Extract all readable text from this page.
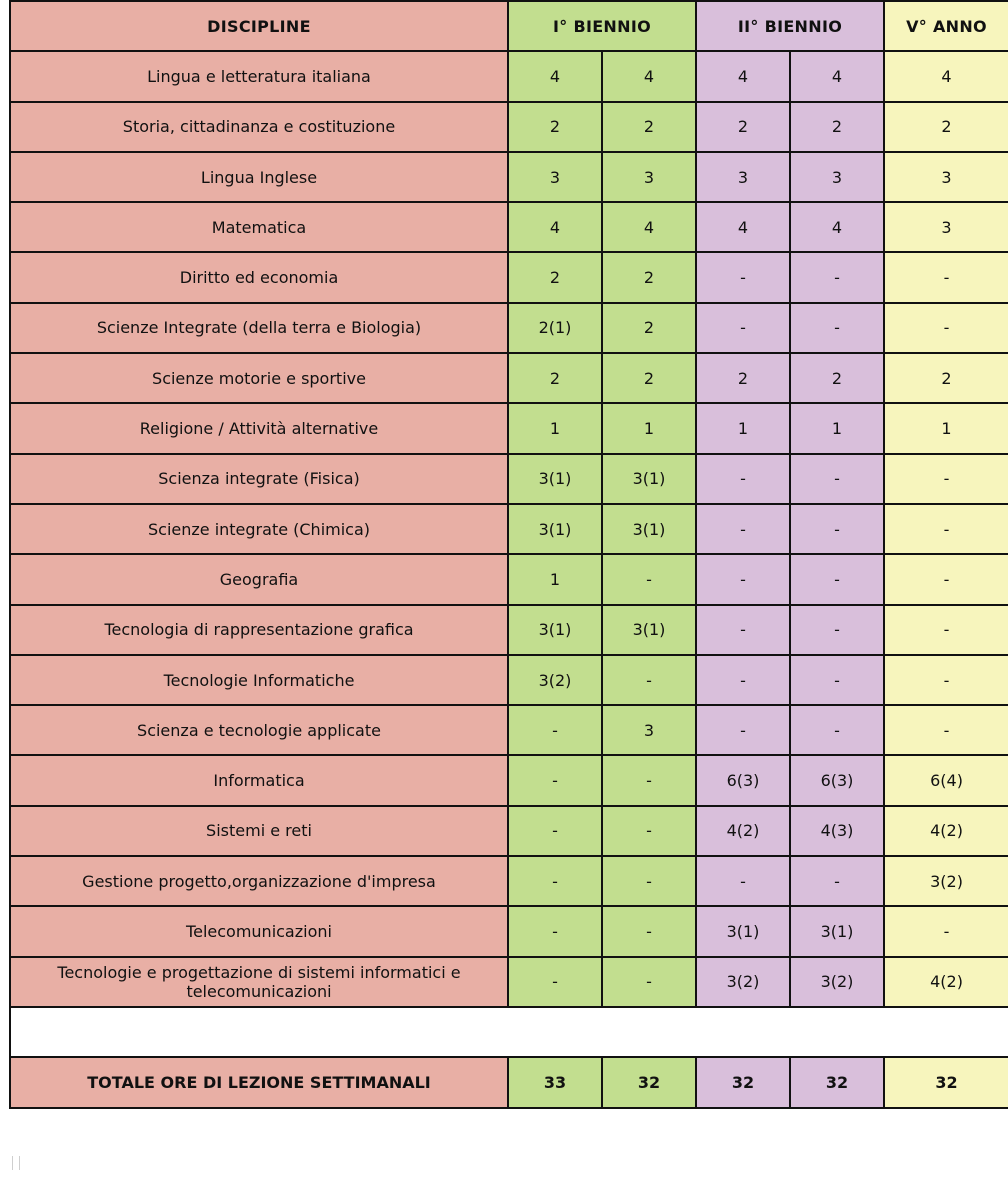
DISCIPLINE	I° BIENNIO		II° BIENNIO		V° ANNO
Lingua e letteratura italiana	4	4	4	4	4
Storia, cittadinanza e costituzione	2	2	2	2	2
Lingua Inglese	3	3	3	3	3
Matematica	4	4	4	4	3
Diritto ed economia	2	2	-	-	-
Scienze Integrate (della terra e Biologia)	2(1)	2	-	-	-
Scienze motorie e sportive	2	2	2	2	2
Religione / Attività alternative	1	1	1	1	1
Scienza integrate (Fisica)	3(1)	3(1)	-	-	-
Scienze integrate (Chimica)	3(1)	3(1)	-	-	-
Geografia	1	-	-	-	-
Tecnologia di rappresentazione grafica	3(1)	3(1)	-	-	-
Tecnologie Informatiche	3(2)	-	-	-	-
Scienza e tecnologie applicate	-	3	-	-	-
Informatica	-	-	6(3)	6(3)	6(4)
Sistemi e reti	-	-	4(2)	4(3)	4(2)
Gestione progetto,organizzazione d'impresa	-	-	-	-	3(2)
Telecomunicazioni	-	-	3(1)	3(1)	-
Tecnologie e progettazione di sistemi informatici e telecomunicazioni	-	-	3(2)	3(2)	4(2)

TOTALE ORE DI LEZIONE SETTIMANALI	33	32	32	32	32
